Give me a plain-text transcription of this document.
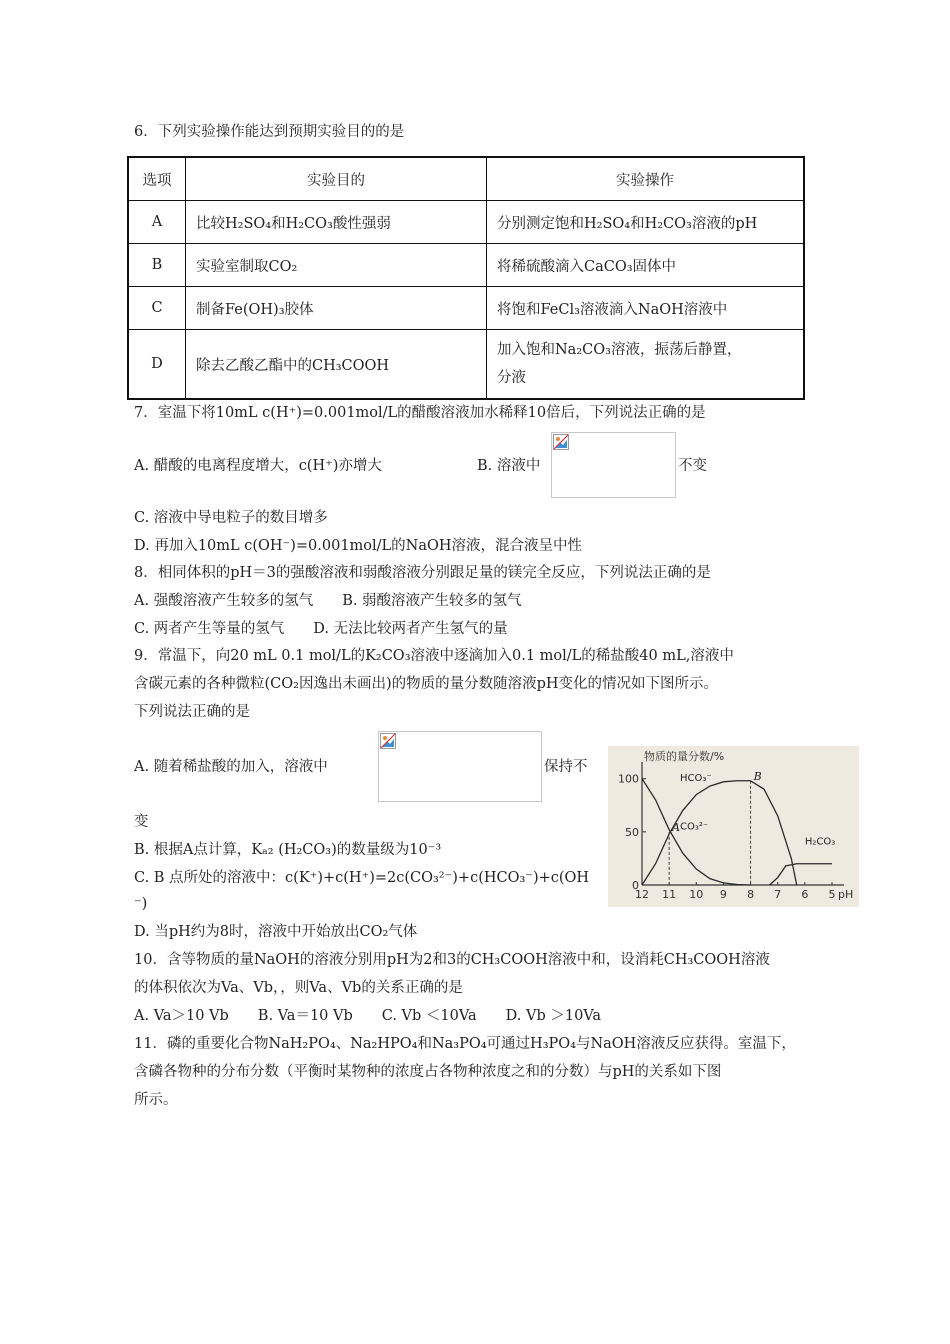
6．下列实验操作能达到预期实验目的的是
选项	实验目的	实验操作
A	比较H₂SO₄和H₂CO₃酸性强弱	分别测定饱和H₂SO₄和H₂CO₃溶液的pH
B	实验室制取CO₂	将稀硫酸滴入CaCO₃固体中
C	制备Fe(OH)₃胶体	将饱和FeCl₃溶液滴入NaOH溶液中
D	除去乙酸乙酯中的CH₃COOH	加入饱和Na₂CO₃溶液，振荡后静置，
分液
7．室温下将10mL c(H⁺)=0.001mol/L的醋酸溶液加水稀释10倍后，下列说法正确的是
A. 醋酸的电离程度增大，c(H⁺)亦增大	B. 溶液中	不变
C. 溶液中导电粒子的数目增多
D. 再加入10mL c(OH⁻)=0.001mol/L的NaOH溶液，混合液呈中性
8．相同体积的pH＝3的强酸溶液和弱酸溶液分别跟足量的镁完全反应，下列说法正确的是
A. 强酸溶液产生较多的氢气　　B. 弱酸溶液产生较多的氢气
C. 两者产生等量的氢气　　D. 无法比较两者产生氢气的量
9．常温下，向20 mL 0.1 mol/L的K₂CO₃溶液中逐滴加入0.1 mol/L的稀盐酸40 mL,溶液中
含碳元素的各种微粒(CO₂因逸出未画出)的物质的量分数随溶液pH变化的情况如下图所示。
下列说法正确的是
A. 随着稀盐酸的加入，溶液中	保持不
变
B. 根据A点计算，Kₐ₂ (H₂CO₃)的数量级为10⁻³
C. B 点所处的溶液中：c(K⁺)+c(H⁺)=2c(CO₃²⁻)+c(HCO₃⁻)+c(OH
⁻)
D. 当pH约为8时，溶液中开始放出CO₂气体
100
50
0
12 11 10 9 8 7 6 5 pH
物质的量分数/%
CO₃²⁻
HCO₃⁻
H₂CO₃
A
B
10．含等物质的量NaOH的溶液分别用pH为2和3的CH₃COOH溶液中和，设消耗CH₃COOH溶液
的体积依次为Va、Vb，，则Va、Vb的关系正确的是
A. Va＞10 Vb　　B. Va＝10 Vb　　C. Vb ＜10Va　　D. Vb ＞10Va
11．磷的重要化合物NaH₂PO₄、Na₂HPO₄和Na₃PO₄可通过H₃PO₄与NaOH溶液反应获得。室温下，
含磷各物种的分布分数（平衡时某物种的浓度占各物种浓度之和的分数）与pH的关系如下图
所示。
